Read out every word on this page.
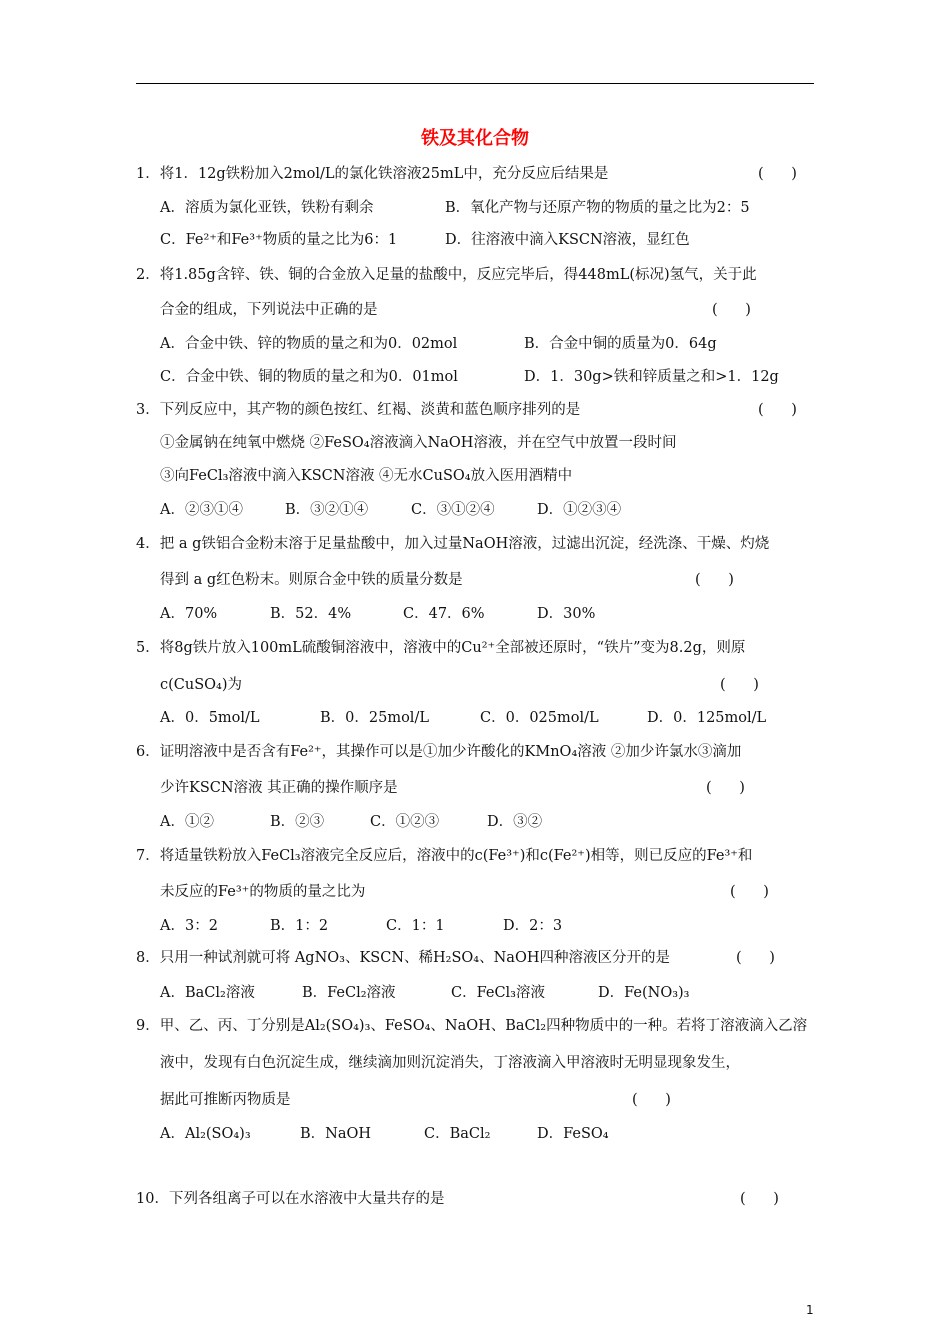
铁及其化合物
1．将1．12g铁粉加入2mol/L的氯化铁溶液25mL中，充分反应后结果是	(      )
A．溶质为氯化亚铁，铁粉有剩余	B．氧化产物与还原产物的物质的量之比为2：5
C．Fe²⁺和Fe³⁺物质的量之比为6：1	D．往溶液中滴入KSCN溶液，显红色
2．将1.85g含锌、铁、铜的合金放入足量的盐酸中，反应完毕后，得448mL(标况)氢气，关于此
合金的组成，下列说法中正确的是	(      )
A．合金中铁、锌的物质的量之和为0．02mol	B．合金中铜的质量为0．64g
C．合金中铁、铜的物质的量之和为0．01mol	D．1．30g>铁和锌质量之和>1．12g
3．下列反应中，其产物的颜色按红、红褐、淡黄和蓝色顺序排列的是	(      )
①金属钠在纯氧中燃烧 ②FeSO₄溶液滴入NaOH溶液，并在空气中放置一段时间
③向FeCl₃溶液中滴入KSCN溶液 ④无水CuSO₄放入医用酒精中
A．②③①④	B．③②①④	C．③①②④	D．①②③④
4．把 a g铁铝合金粉末溶于足量盐酸中，加入过量NaOH溶液，过滤出沉淀，经洗涤、干燥、灼烧
得到 a g红色粉末。则原合金中铁的质量分数是	(      )
A．70%	B．52．4%	C．47．6%	D．30%
5．将8g铁片放入100mL硫酸铜溶液中，溶液中的Cu²⁺全部被还原时，“铁片”变为8.2g，则原
c(CuSO₄)为	(      )
A．0．5mol/L	B．0．25mol/L	C．0．025mol/L	D．0．125mol/L
6．证明溶液中是否含有Fe²⁺，其操作可以是①加少许酸化的KMnO₄溶液 ②加少许氯水③滴加
少许KSCN溶液 其正确的操作顺序是	(      )
A．①②	B．②③	C．①②③	D．③②
7．将适量铁粉放入FeCl₃溶液完全反应后，溶液中的c(Fe³⁺)和c(Fe²⁺)相等，则已反应的Fe³⁺和
未反应的Fe³⁺的物质的量之比为	(      )
A．3：2	B．1：2	C．1：1	D．2：3
8．只用一种试剂就可将 AgNO₃、KSCN、稀H₂SO₄、NaOH四种溶液区分开的是	(      )
A．BaCl₂溶液	B．FeCl₂溶液	C．FeCl₃溶液	D．Fe(NO₃)₃
9．甲、乙、丙、丁分别是Al₂(SO₄)₃、FeSO₄、NaOH、BaCl₂四种物质中的一种。若将丁溶液滴入乙溶
液中，发现有白色沉淀生成，继续滴加则沉淀消失，丁溶液滴入甲溶液时无明显现象发生，
据此可推断丙物质是	(      )
A．Al₂(SO₄)₃	B．NaOH	C．BaCl₂	D．FeSO₄
10．下列各组离子可以在水溶液中大量共存的是	(      )
1
